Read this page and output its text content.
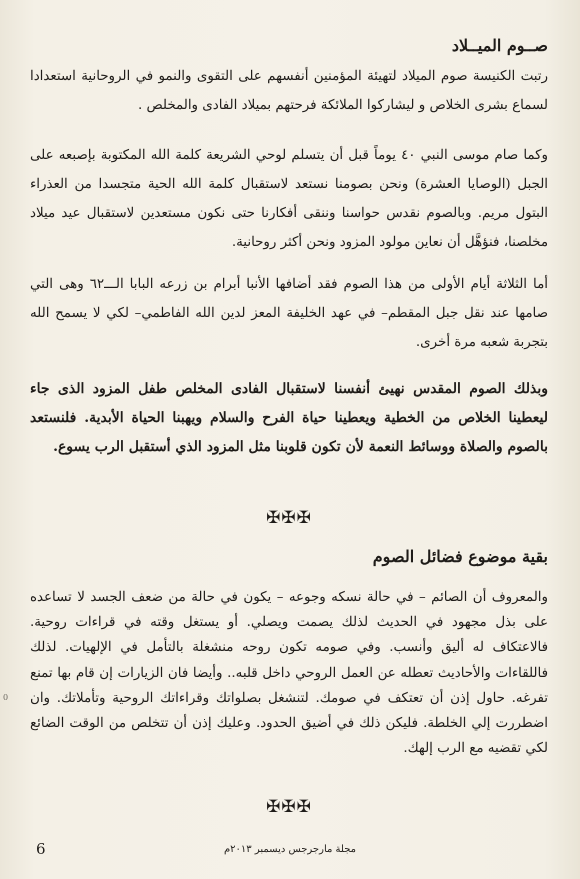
0
صــوم الميــلاد

رتبت الكنيسة صوم الميلاد لتهيئة المؤمنين أنفسهم على التقوى والنمو في الروحانية استعدادا لسماع بشرى الخلاص و ليشاركوا الملائكة فرحتهم بميلاد الفادى والمخلص .

وكما صام موسى النبي ٤٠ يوماً قبل أن يتسلم لوحي الشريعة كلمة الله المكتوبة بإصبعه على الجبل (الوصايا العشرة) ونحن بصومنا نستعد لاستقبال كلمة الله الحية متجسدا من العذراء البتول مريم. وبالصوم نقدس حواسنا وننقى أفكارنا حتى نكون مستعدين لاستقبال عيد ميلاد مخلصنا، فنؤهَّل أن نعاين مولود المزود ونحن أكثر روحانية.

أما الثلاثة أيام الأولى من هذا الصوم فقد أضافها الأنبا أبرام بن زرعه البابا الـــ٦٢ وهى التي صامها عند نقل جبل المقطم– في عهد الخليفة المعز لدين الله الفاطمي– لكي لا يسمح الله بتجربة شعبه مرة أخرى.

وبذلك الصوم المقدس نهيئ أنفسنا لاستقبال الفادى المخلص طفل المزود الذى جاء ليعطينا الخلاص من الخطية ويعطينا حياة الفرح والسلام ويهبنا الحياة الأبدية. فلنستعد بالصوم والصلاة ووسائط النعمة لأن تكون قلوبنا مثل المزود الذي أستقبل الرب يسوع.

✠✠✠
بقية موضوع فضائل الصوم

والمعروف أن الصائم – في حالة نسكه وجوعه – يكون في حالة من ضعف الجسد لا تساعده على بذل مجهود في الحديث لذلك يصمت ويصلي. أو يستغل وقته في قراءات روحية. فالاعتكاف له أليق وأنسب. وفي صومه تكون روحه منشغلة بالتأمل في الإلهيات. لذلك فاللقاءات والأحاديث تعطله عن العمل الروحي داخل قلبه.. وأيضا فان الزيارات إن قام بها تمنع تفرغه. حاول إذن أن تعتكف في صومك. لتنشغل بصلواتك وقراءاتك الروحية وتأملاتك. وان اضطررت إلي الخلطة. فليكن ذلك في أضيق الحدود. وعليك إذن أن تتخلص من الوقت الضائع لكي تقضيه مع الرب إلهك.

✠✠✠
6	مجلة مارجرجس ديسمبر ٢٠١٣م
